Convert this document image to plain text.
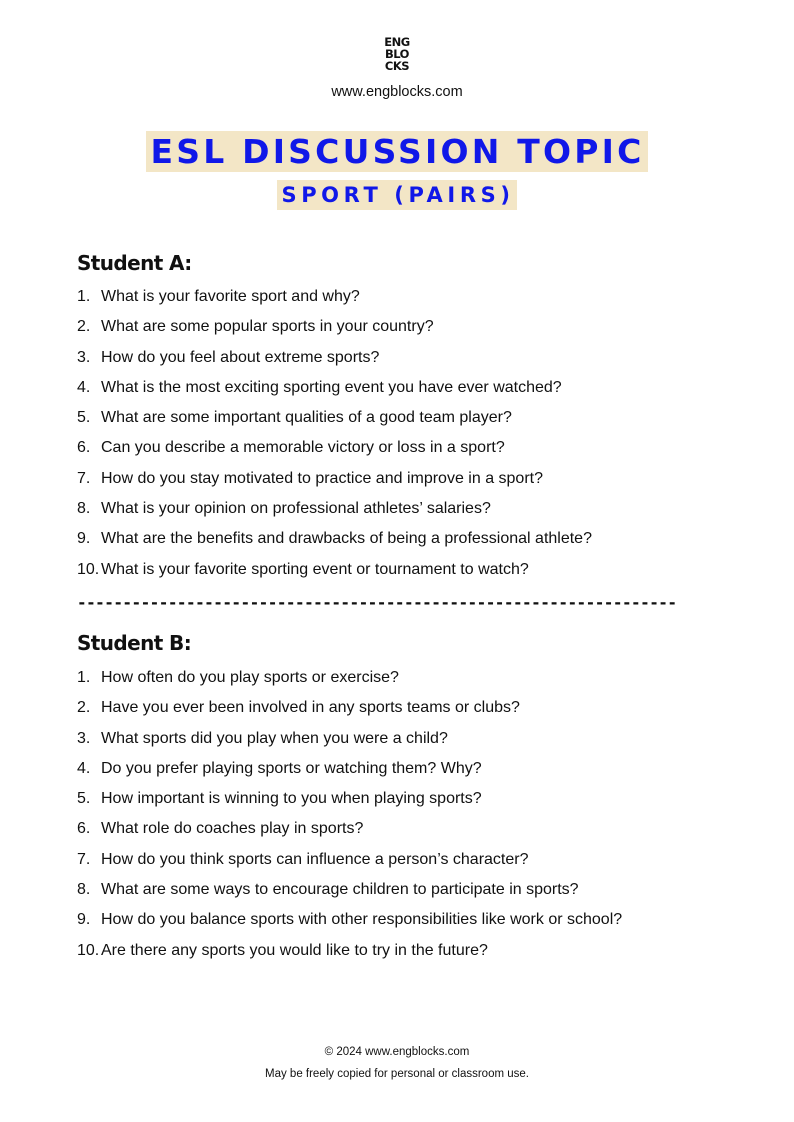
ENG
BLO
CKS
www.engblocks.com
ESL DISCUSSION TOPIC
SPORT (PAIRS)
Student A:
1. What is your favorite sport and why?
2. What are some popular sports in your country?
3. How do you feel about extreme sports?
4. What is the most exciting sporting event you have ever watched?
5. What are some important qualities of a good team player?
6. Can you describe a memorable victory or loss in a sport?
7. How do you stay motivated to practice and improve in a sport?
8. What is your opinion on professional athletes’ salaries?
9. What are the benefits and drawbacks of being a professional athlete?
10. What is your favorite sporting event or tournament to watch?
------------------------------------------------------------------
Student B:
1. How often do you play sports or exercise?
2. Have you ever been involved in any sports teams or clubs?
3. What sports did you play when you were a child?
4. Do you prefer playing sports or watching them? Why?
5. How important is winning to you when playing sports?
6. What role do coaches play in sports?
7. How do you think sports can influence a person’s character?
8. What are some ways to encourage children to participate in sports?
9. How do you balance sports with other responsibilities like work or school?
10. Are there any sports you would like to try in the future?
© 2024 www.engblocks.com
May be freely copied for personal or classroom use.
